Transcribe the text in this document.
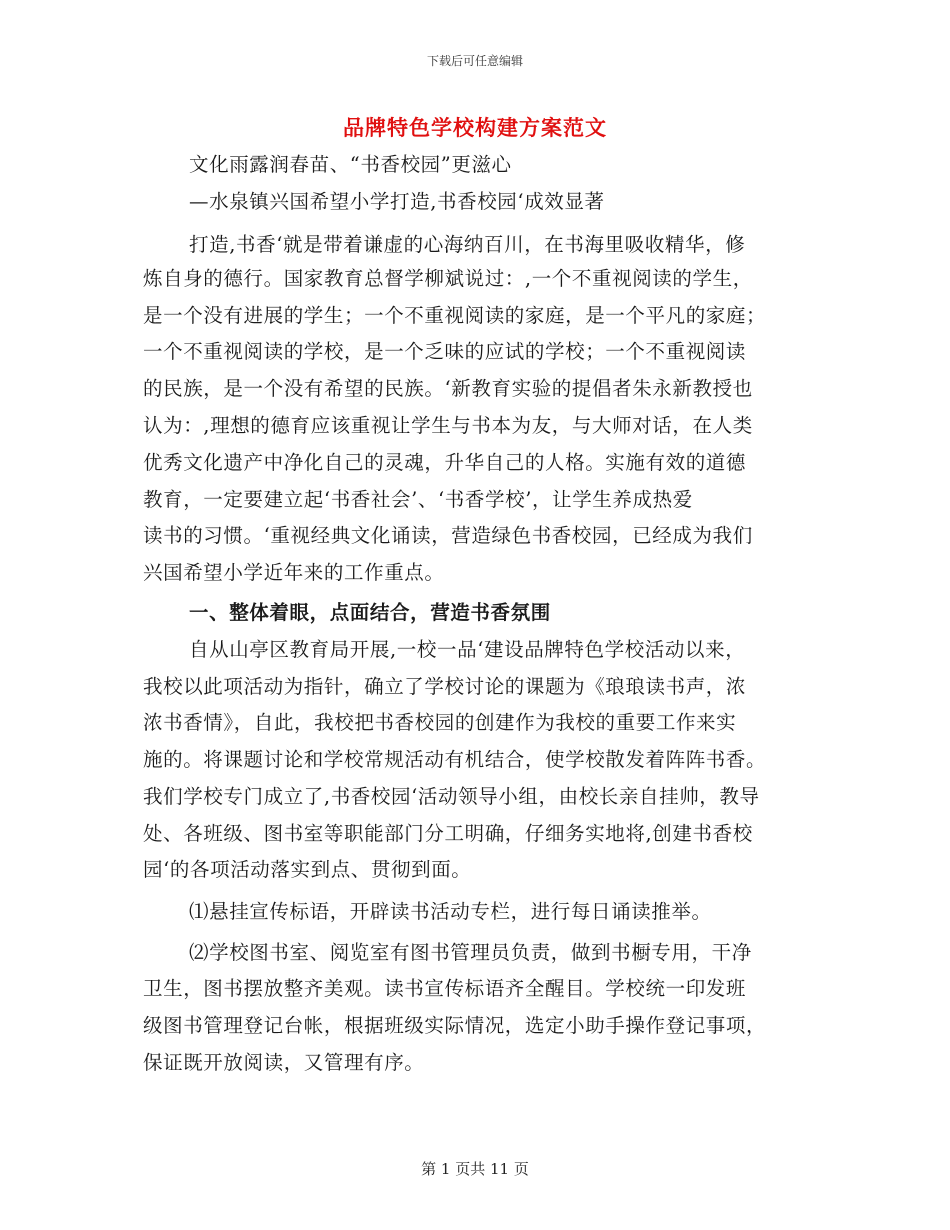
下载后可任意编辑
品牌特色学校构建方案范文
文化雨露润春苗、“书香校园”更滋心
—水泉镇兴国希望小学打造,书香校园‘成效显著
打造,书香‘就是带着谦虚的心海纳百川，在书海里吸收精华，修
炼自身的德行。国家教育总督学柳斌说过：,一个不重视阅读的学生，
是一个没有进展的学生；一个不重视阅读的家庭，是一个平凡的家庭；
一个不重视阅读的学校，是一个乏味的应试的学校；一个不重视阅读
的民族，是一个没有希望的民族。‘新教育实验的提倡者朱永新教授也
认为：,理想的德育应该重视让学生与书本为友，与大师对话，在人类
优秀文化遗产中净化自己的灵魂，升华自己的人格。实施有效的道德
教育，一定要建立起‘书香社会’、‘书香学校’，让学生养成热爱
读书的习惯。‘重视经典文化诵读，营造绿色书香校园，已经成为我们
兴国希望小学近年来的工作重点。
一、整体着眼，点面结合，营造书香氛围
自从山亭区教育局开展,一校一品‘建设品牌特色学校活动以来，
我校以此项活动为指针，确立了学校讨论的课题为《琅琅读书声，浓
浓书香情》，自此，我校把书香校园的创建作为我校的重要工作来实
施的。将课题讨论和学校常规活动有机结合，使学校散发着阵阵书香。
我们学校专门成立了,书香校园‘活动领导小组，由校长亲自挂帅，教导
处、各班级、图书室等职能部门分工明确，仔细务实地将,创建书香校
园‘的各项活动落实到点、贯彻到面。
⑴悬挂宣传标语，开辟读书活动专栏，进行每日诵读推举。
⑵学校图书室、阅览室有图书管理员负责，做到书橱专用，干净
卫生，图书摆放整齐美观。读书宣传标语齐全醒目。学校统一印发班
级图书管理登记台帐，根据班级实际情况，选定小助手操作登记事项，
保证既开放阅读，又管理有序。
第 1 页共 11 页
